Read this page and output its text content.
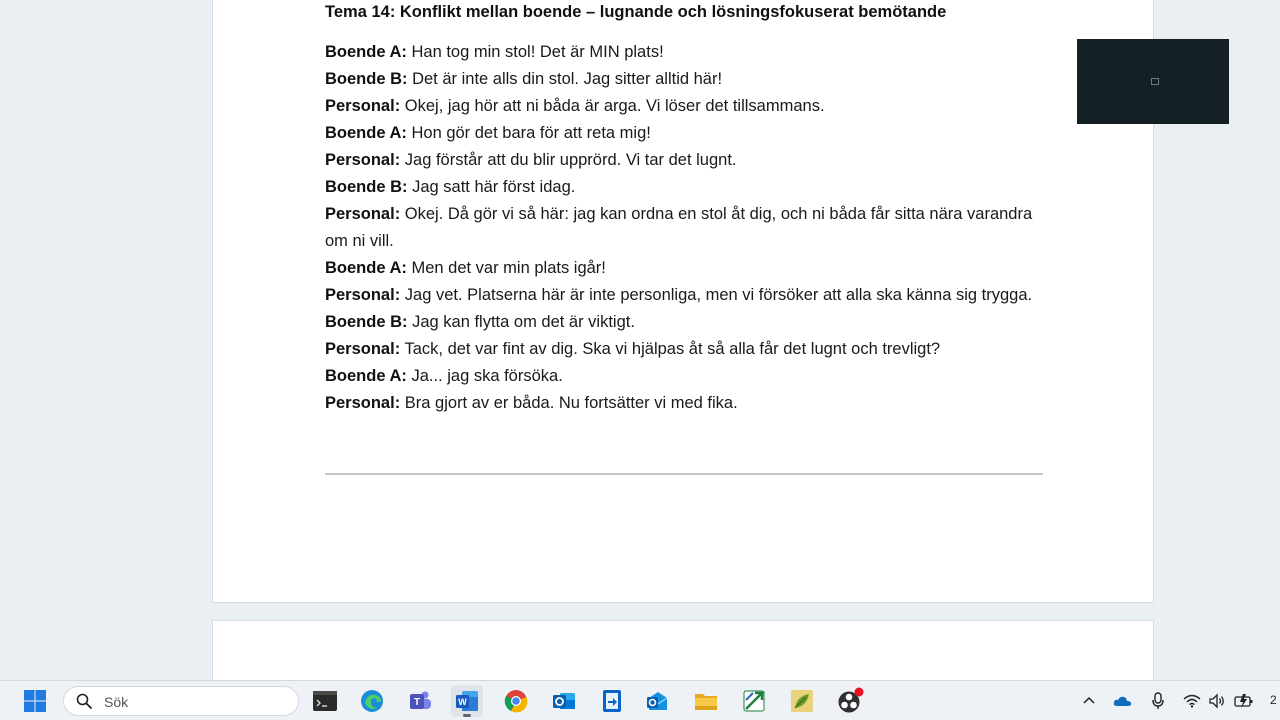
Tema 14: Konflikt mellan boende – lugnande och lösningsfokuserat bemötande

Boende A: Han tog min stol! Det är MIN plats!

Boende B: Det är inte alls din stol. Jag sitter alltid här!

Personal: Okej, jag hör att ni båda är arga. Vi löser det tillsammans.

Boende A: Hon gör det bara för att reta mig!

Personal: Jag förstår att du blir upprörd. Vi tar det lugnt.

Boende B: Jag satt här först idag.

Personal: Okej. Då gör vi så här: jag kan ordna en stol åt dig, och ni båda får sitta nära varandra om ni vill.

Boende A: Men det var min plats igår!

Personal: Jag vet. Platserna här är inte personliga, men vi försöker att alla ska känna sig trygga.

Boende B: Jag kan flytta om det är viktigt.

Personal: Tack, det var fint av dig. Ska vi hjälpas åt så alla får det lugnt och trevligt?

Boende A: Ja... jag ska försöka.

Personal: Bra gjort av er båda. Nu fortsätter vi med fika.

Sök
T	W	2
